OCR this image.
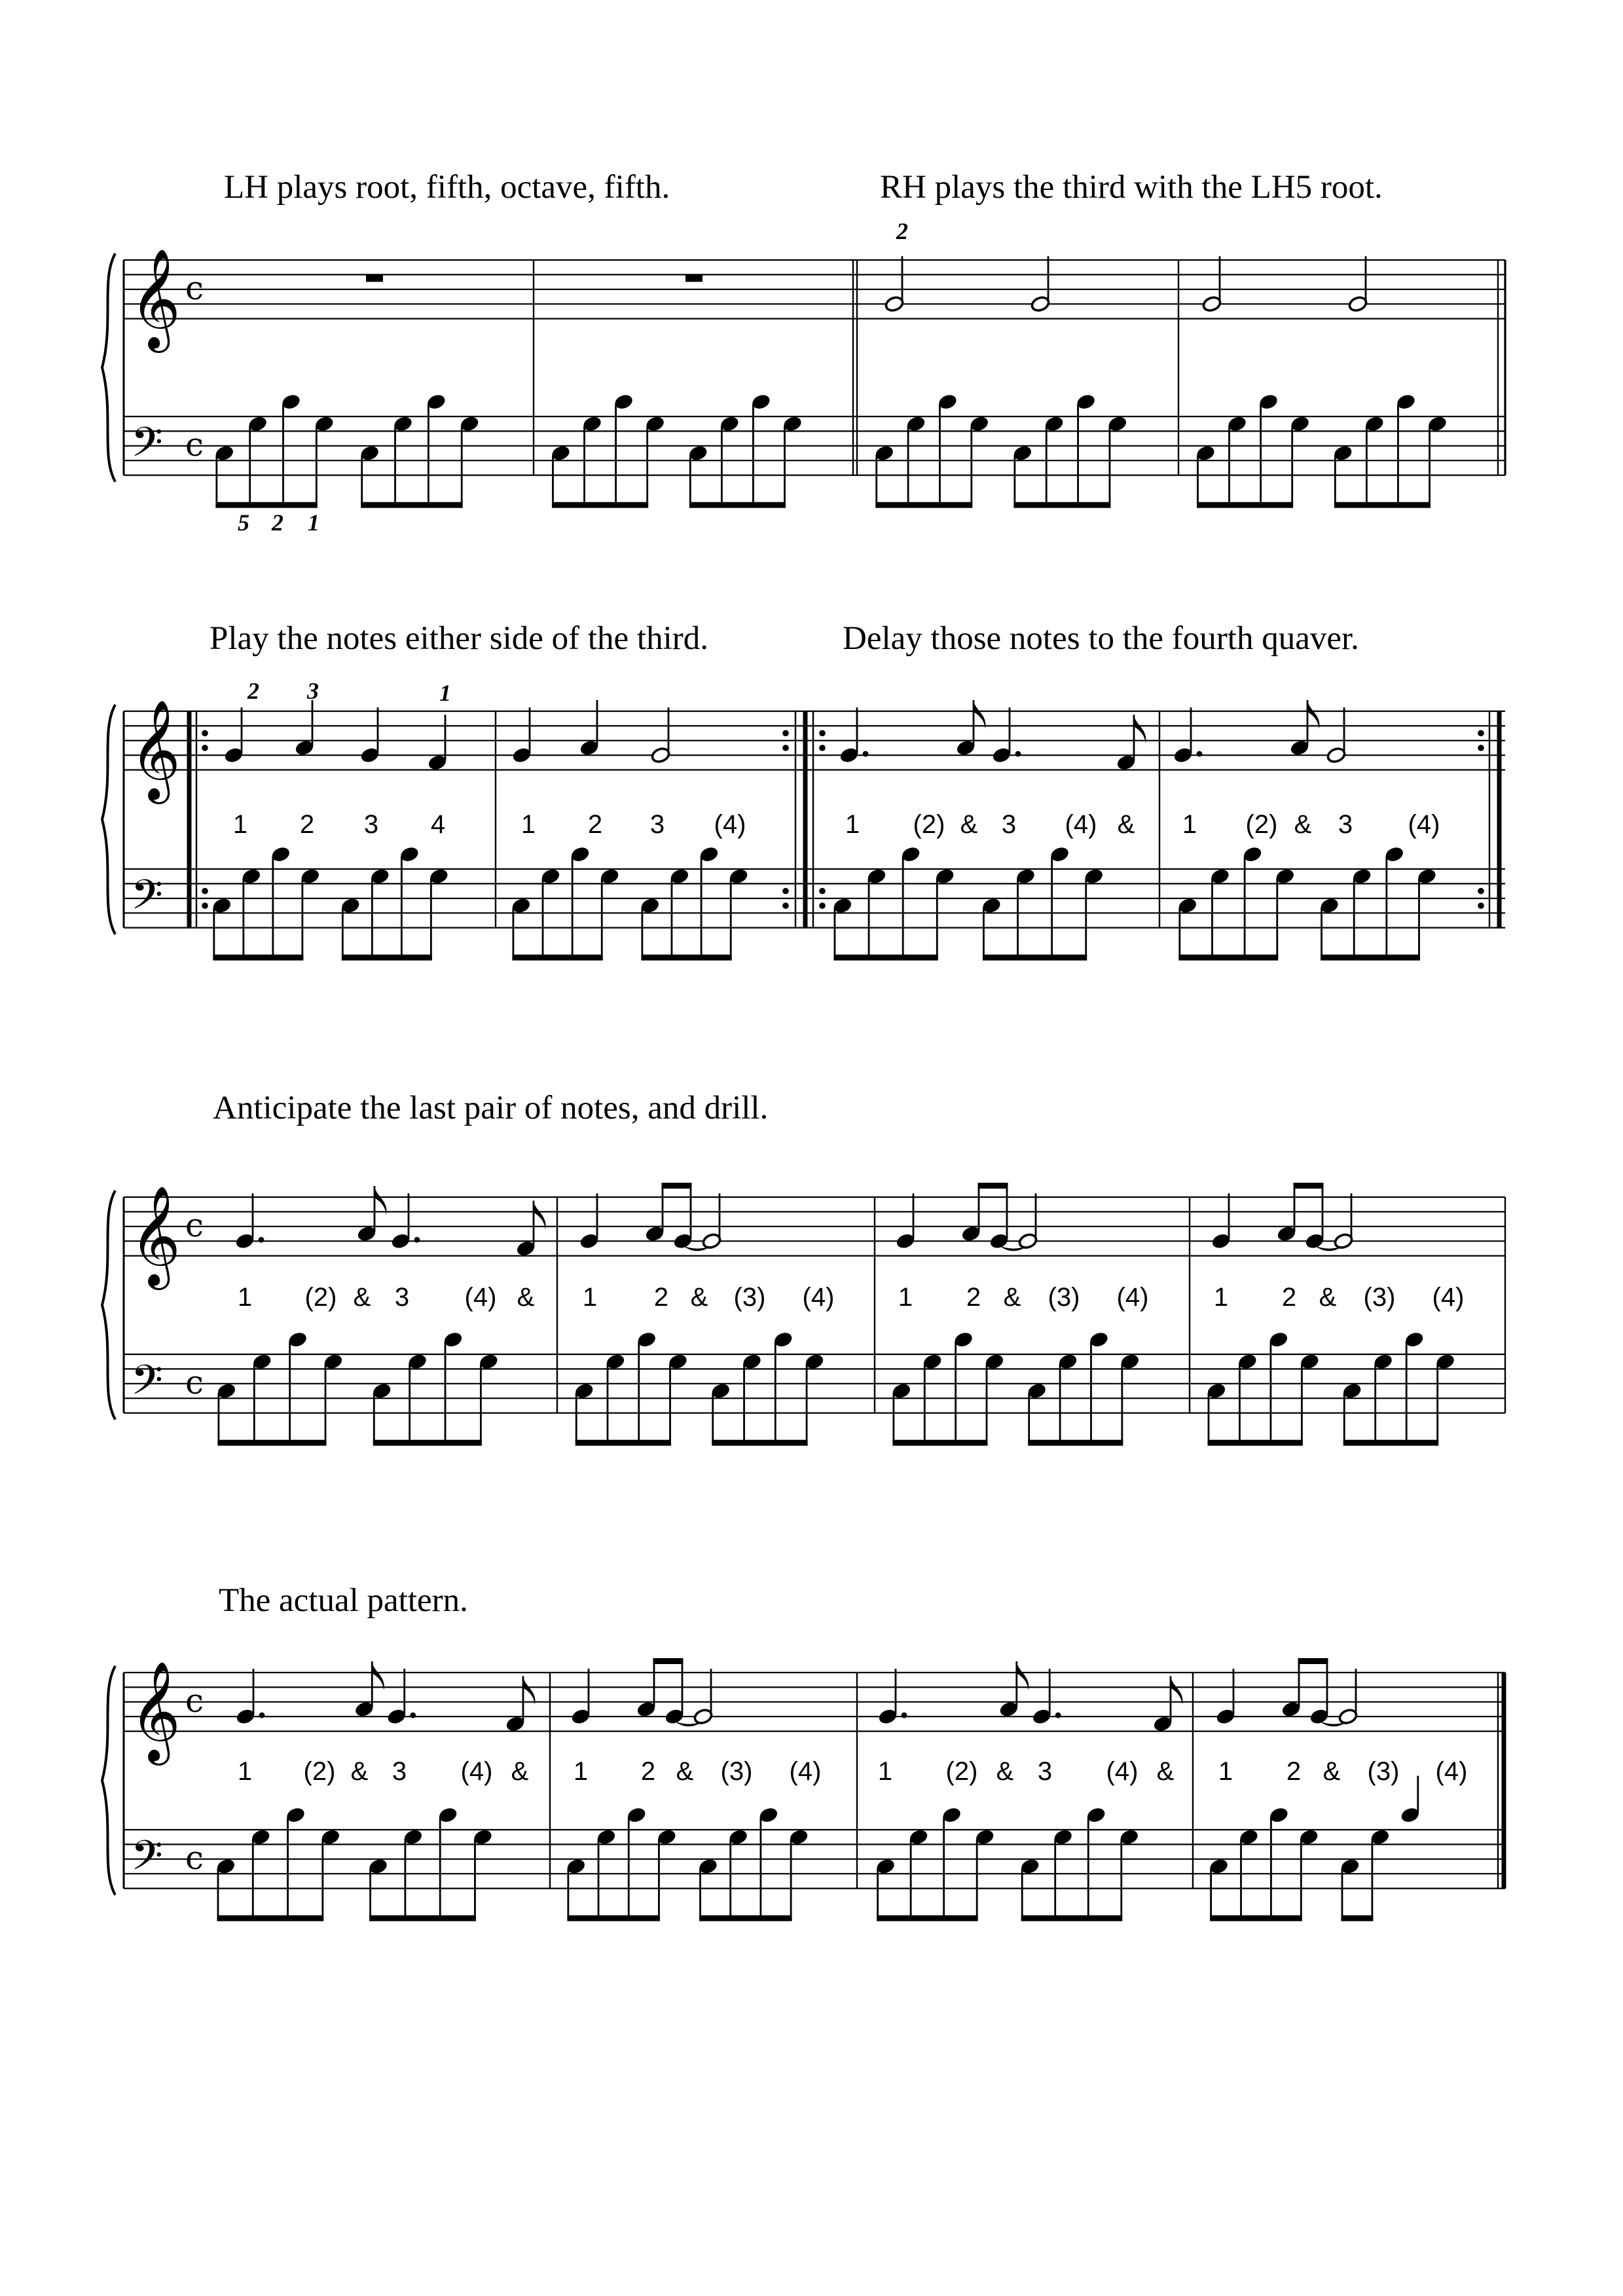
𝄞
𝄢
c
c
LH plays root, fifth, octave, fifth.	RH plays the third with the LH5 root.
2
5 2 1
𝄞
𝄢
Play the notes either side of the third.	Delay those notes to the fourth quaver.
2 3	1
1 2 3 4	1 2 3 (4)	1 (2) & 3 (4) & 1 (2) & 3 (4)
𝄞
𝄢
c
c
Anticipate the last pair of notes, and drill.
1 (2) & 3 (4) & 1 2 & (3) (4) 1 2 & (3) (4) 1 2 & (3) (4)
𝄞
𝄢
c
c
The actual pattern.
1 (2) & 3 (4) & 1 2 & (3) (4) 1 (2) & 3 (4) & 1 2 & (3) (4)
